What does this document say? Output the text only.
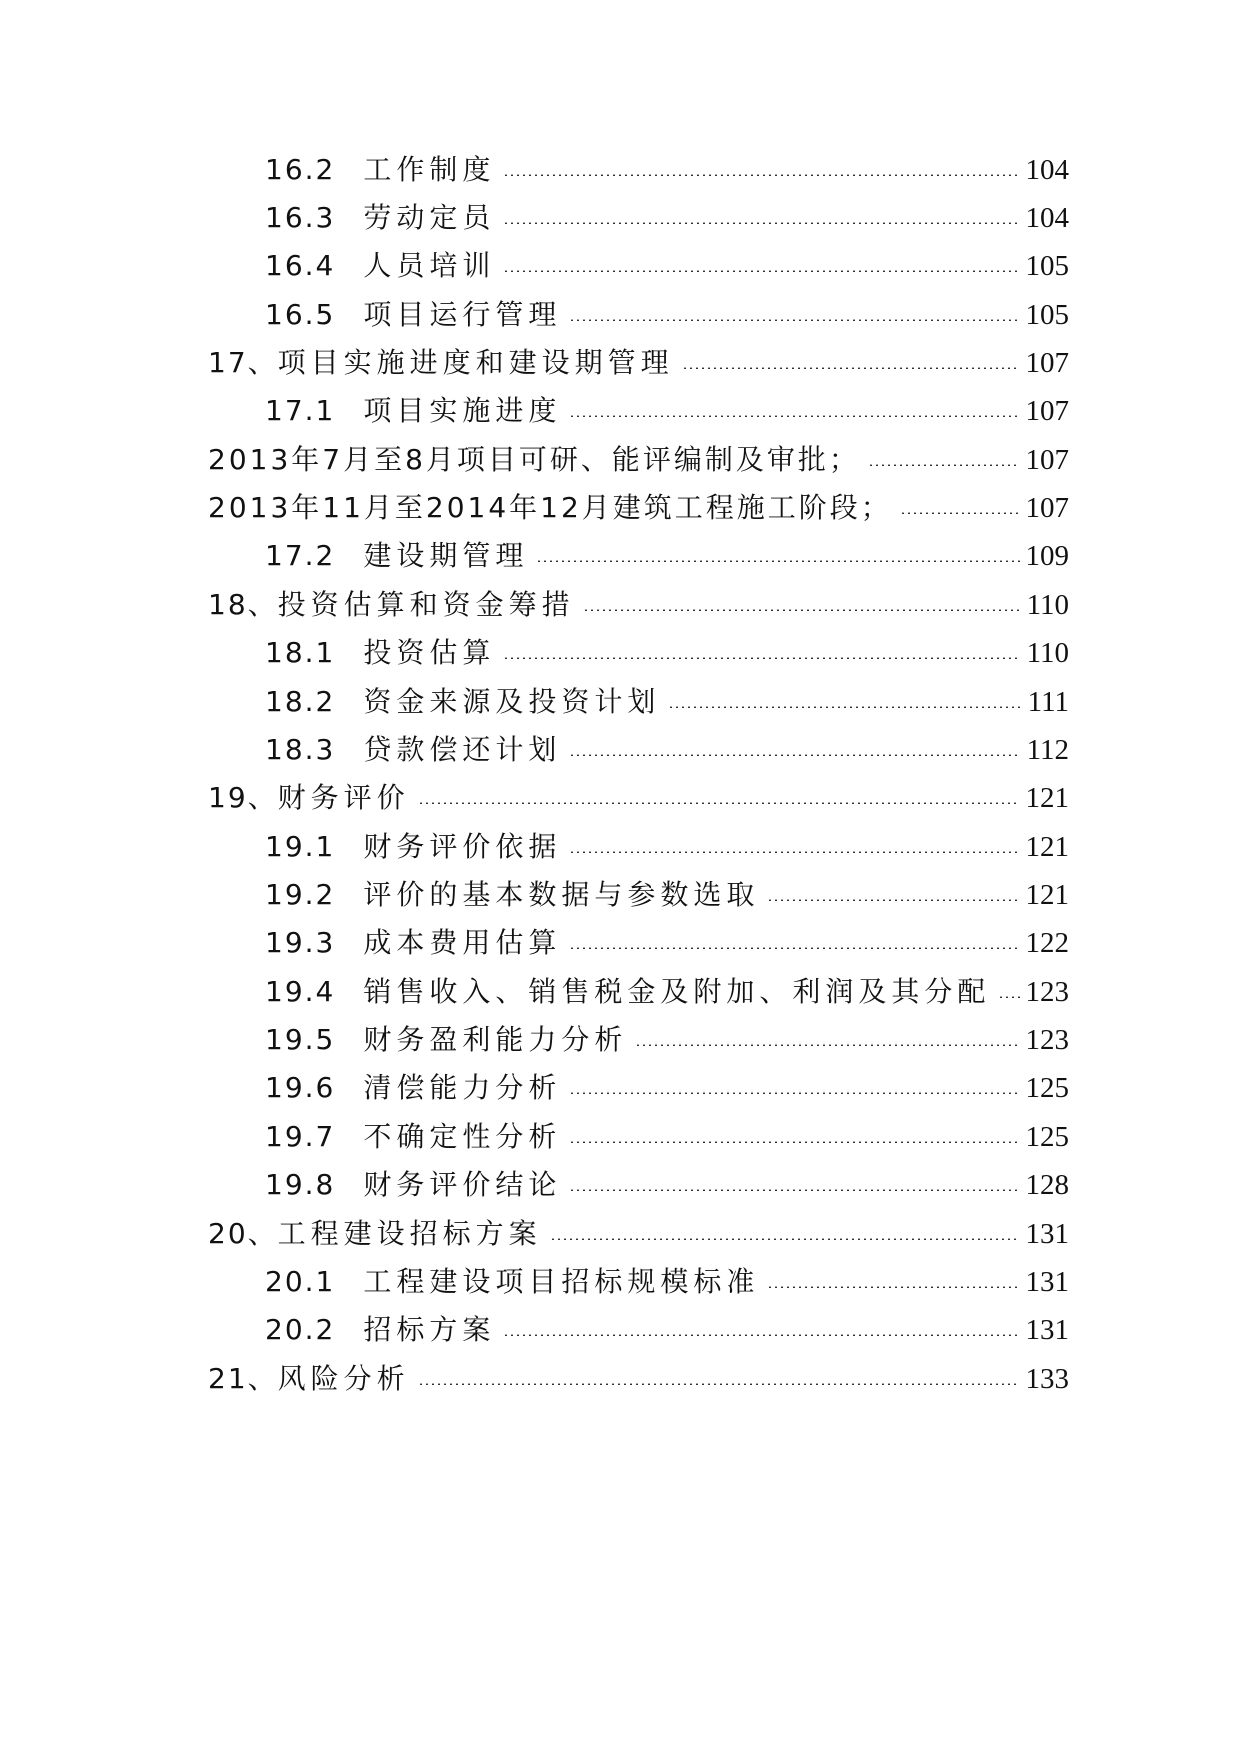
16.2 工作制度	104
16.3 劳动定员	104
16.4 人员培训	105
16.5 项目运行管理	105
17、 项目实施进度和建设期管理	107
17.1 项目实施进度	107
2013年7月至8月项目可研、能评编制及审批；	107
2013年11月至2014年12月建筑工程施工阶段；	107
17.2 建设期管理	109
18、 投资估算和资金筹措	110
18.1 投资估算	110
18.2 资金来源及投资计划	111
18.3 贷款偿还计划	112
19、 财务评价	121
19.1 财务评价依据	121
19.2 评价的基本数据与参数选取	121
19.3 成本费用估算	122
19.4 销售收入、销售税金及附加、利润及其分配 123
19.5 财务盈利能力分析	123
19.6 清偿能力分析	125
19.7 不确定性分析	125
19.8 财务评价结论	128
20、 工程建设招标方案	131
20.1 工程建设项目招标规模标准	131
20.2 招标方案	131
21、 风险分析	133
